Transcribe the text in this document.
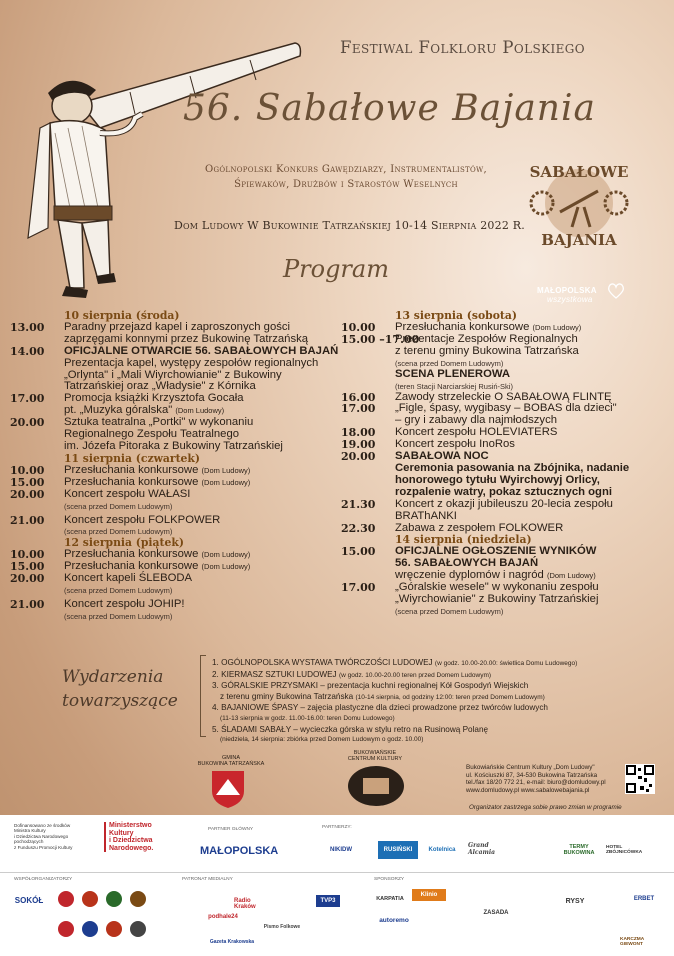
Festiwal Folkloru Polskiego
56. Sabałowe Bajania
Ogólnopolski Konkurs Gawędziarzy, Instrumentalistów,
Śpiewaków, Drużbów i Starostów Weselnych
Dom Ludowy W Bukowinie Tatrzańskiej 10-14 Sierpnia 2022 R.
Program
SABAŁOWE
BAJANIA
MAŁOPOLSKA
wszystkowa
10 sierpnia (środa)
13.00	Paradny przejazd kapel i zaproszonych gości
zaprzęgami konnymi przez Bukowinę Tatrzańską
14.00	OFICJALNE OTWARCIE 56. SABAŁOWYCH BAJAŃ
Prezentacja kapel, występy zespołów regionalnych
„Orlynta" i „Mali Wiyrchowianie" z Bukowiny
Tatrzańskiej oraz „Władysie" z Kórnika
17.00	Promocja książki Krzysztofa Gocała
pt. „Muzyka góralska" (Dom Ludowy)
20.00	Sztuka teatralna „Portki" w wykonaniu
Regionalnego Zespołu Teatralnego
im. Józefa Pitoraka z Bukowiny Tatrzańskiej
11 sierpnia (czwartek)
10.00	Przesłuchania konkursowe (Dom Ludowy)
15.00	Przesłuchania konkursowe (Dom Ludowy)
20.00	Koncert zespołu WAŁASI
(scena przed Domem Ludowym)
21.00	Koncert zespołu FOLKPOWER
(scena przed Domem Ludowym)
12 sierpnia (piątek)
10.00	Przesłuchania konkursowe (Dom Ludowy)
15.00	Przesłuchania konkursowe (Dom Ludowy)
20.00	Koncert kapeli ŚLEBODA
(scena przed Domem Ludowym)
21.00	Koncert zespołu JOHIP!
(scena przed Domem Ludowym)
13 sierpnia (sobota)
10.00	Przesłuchania konkursowe (Dom Ludowy)
15.00 –17.00
Prezentacje Zespołów Regionalnych
z terenu gminy Bukowina Tatrzańska
(scena przed Domem Ludowym)
SCENA PLENEROWA
(teren Stacji Narciarskiej Rusiń-Ski)
16.00	Zawody strzeleckie O SABAŁOWĄ FLINTĘ
17.00	„Figle, śpasy, wygibasy – BOBAS dla dzieci"
– gry i zabawy dla najmłodszych
18.00	Koncert zespołu HOLEVIATERS
19.00	Koncert zespołu InoRos
20.00	SABAŁOWA NOC
Ceremonia pasowania na Zbójnika, nadanie
honorowego tytułu Wyirchowyj Orlicy,
rozpalenie watry, pokaz sztucznych ogni
21.30	Koncert z okazji jubileuszu 20-lecia zespołu
BRAThANKI
22.30	Zabawa z zespołem FOLKOWER
14 sierpnia (niedziela)
15.00	OFICJALNE OGŁOSZENIE WYNIKÓW
56. SABAŁOWYCH BAJAŃ
wręczenie dyplomów i nagród (Dom Ludowy)
17.00	„Góralskie wesele" w wykonaniu zespołu
„Wiyrchowianie" z Bukowiny Tatrzańskiej
(scena przed Domem Ludowym)
Wydarzenia
towarzyszące
1. OGÓLNOPOLSKA WYSTAWA TWÓRCZOŚCI LUDOWEJ (w godz. 10.00-20.00: świetlica Domu Ludowego)
2. KIERMASZ SZTUKI LUDOWEJ (w godz. 10.00-20.00 teren przed Domem Ludowym)
3. GÓRALSKIE PRZYSMAKI – prezentacja kuchni regionalnej Kół Gospodyń Wiejskich
z terenu gminy Bukowina Tatrzańska (10-14 sierpnia, od godziny 12:00: teren przed Domem Ludowym)
4. BAJANIOWE ŚPASY – zajęcia plastyczne dla dzieci prowadzone przez twórców ludowych
(11-13 sierpnia w godz. 11.00-16.00: teren Domu Ludowego)
5. ŚLADAMI SABAŁY – wycieczka górska w stylu retro na Rusinową Polanę
(niedziela, 14 sierpnia: zbiórka przed Domem Ludowym o godz. 10.00)
GMINA
BUKOWINA TATRZAŃSKA
BUKOWIAŃSKIE
CENTRUM KULTURY
Bukowiańskie Centrum Kultury „Dom Ludowy"
ul. Kościuszki 87, 34-530 Bukowina Tatrzańska
tel./fax 18/20 772 21, e-mail: biuro@domludowy.pl
www.domludowy.pl www.sabalowebajania.pl
Organizator zastrzega sobie prawo zmian w programie
Dofinansowano ze środków
Ministra Kultury
i Dziedzictwa Narodowego
pochodzących
z Funduszu Promocji Kultury
Ministerstwo
Kultury
i Dziedzictwa
Narodowego.
PARTNER GŁÓWNY
MAŁOPOLSKA
PARTNERZY:
NIKIDW	RUSIŃSKI	Kotelnica
Grand Alcamia
TERMY BUKOWINA
HOTEL ZBÓJNICÓWKA
WSPÓŁORGANIZATORZY	PATRONAT MEDIALNY	SPONSORZY
SOKÓŁ	Radio Kraków
TVP3
podhale24
Pismo Folkowe
Gazeta Krakowska
KARPATIA
Klinio
ZASADA
RYSY	ERBET
autoremo
KARCZMA GIEWONT
